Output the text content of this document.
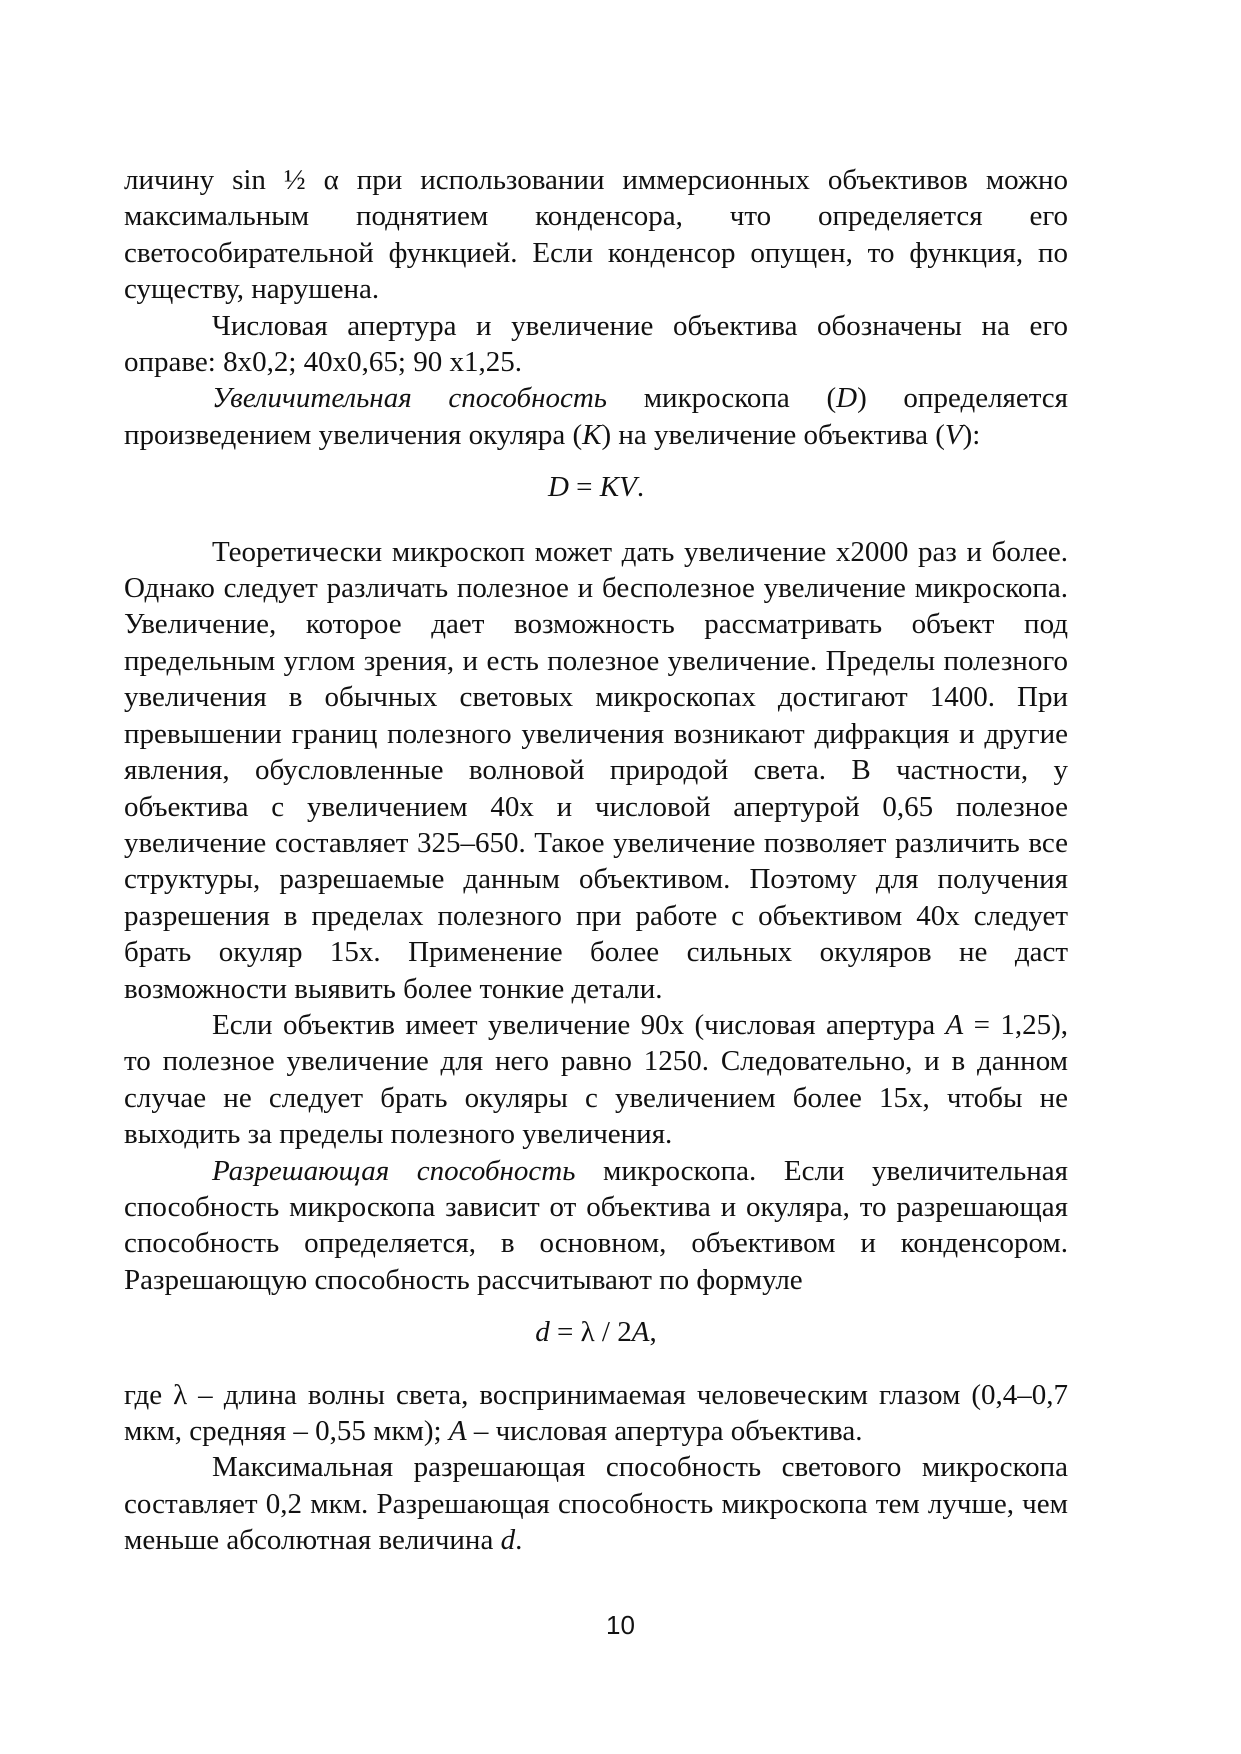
личину sin ½ α при использовании иммерсионных объективов можно максимальным поднятием конденсора, что определяется его светособирательной функцией. Если конденсор опущен, то функция, по существу, нарушена.

Числовая апертура и увеличение объектива обозначены на его оправе: 8х0,2; 40х0,65; 90 х1,25.

Увеличительная способность микроскопа (D) определяется произведением увеличения окуляра (K) на увеличение объектива (V):

D = KV.

Теоретически микроскоп может дать увеличение х2000 раз и более. Однако следует различать полезное и бесполезное увеличение микроскопа. Увеличение, которое дает возможность рассматривать объект под предельным углом зрения, и есть полезное увеличение. Пределы полезного увеличения в обычных световых микроскопах достигают 1400. При превышении границ полезного увеличения возникают дифракция и другие явления, обусловленные волновой природой света. В частности, у объектива с увеличением 40х и числовой апертурой 0,65 полезное увеличение составляет 325–650. Такое увеличение позволяет различить все структуры, разрешаемые данным объективом. Поэтому для получения разрешения в пределах полезного при работе с объективом 40х следует брать окуляр 15х. Применение более сильных окуляров не даст возможности выявить более тонкие детали.

Если объектив имеет увеличение 90х (числовая апертура A = 1,25), то полезное увеличение для него равно 1250. Следовательно, и в данном случае не следует брать окуляры с увеличением более 15х, чтобы не выходить за пределы полезного увеличения.

Разрешающая способность микроскопа. Если увеличительная способность микроскопа зависит от объектива и окуляра, то разрешающая способность определяется, в основном, объективом и конденсором. Разрешающую способность рассчитывают по формуле

d = λ / 2A,

где λ – длина волны света, воспринимаемая человеческим глазом (0,4–0,7 мкм, средняя – 0,55 мкм); A – числовая апертура объектива.

Максимальная разрешающая способность светового микроскопа составляет 0,2 мкм. Разрешающая способность микроскопа тем лучше, чем меньше абсолютная величина d.

10
